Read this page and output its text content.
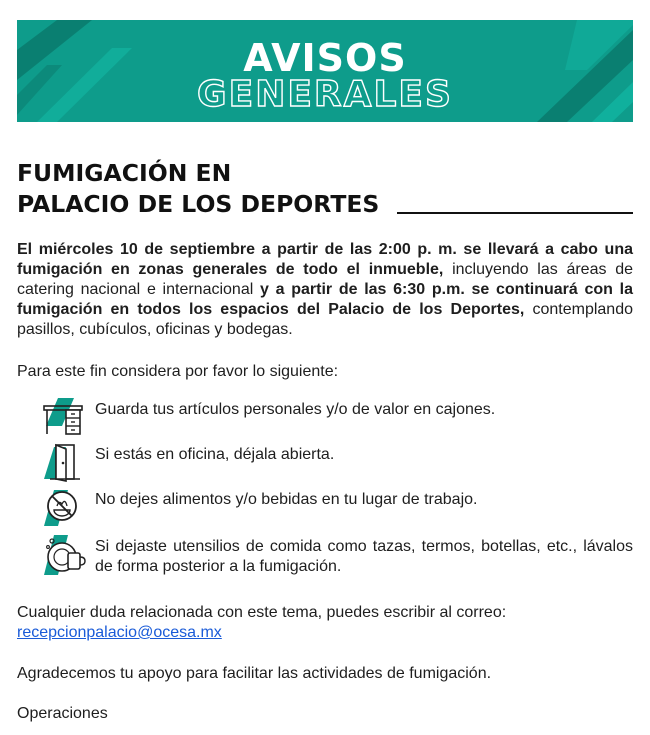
AVISOS
GENERALES
FUMIGACIÓN EN
PALACIO DE LOS DEPORTES
El miércoles 10 de septiembre a partir de las 2:00 p. m. se llevará a cabo una fumigación en zonas generales de todo el inmueble, incluyendo las áreas de catering nacional e internacional y a partir de las 6:30 p.m. se continuará con la fumigación en todos los espacios del Palacio de los Deportes, contemplando pasillos, cubículos, oficinas y bodegas.
Para este fin considera por favor lo siguiente:
Guarda tus artículos personales y/o de valor en cajones.
Si estás en oficina, déjala abierta.
No dejes alimentos y/o bebidas en tu lugar de trabajo.
Si dejaste utensilios de comida como tazas, termos, botellas, etc., lávalos de forma posterior a la fumigación.
Cualquier duda relacionada con este tema, puedes escribir al correo:
recepcionpalacio@ocesa.mx
Agradecemos tu apoyo para facilitar las actividades de fumigación.
Operaciones
